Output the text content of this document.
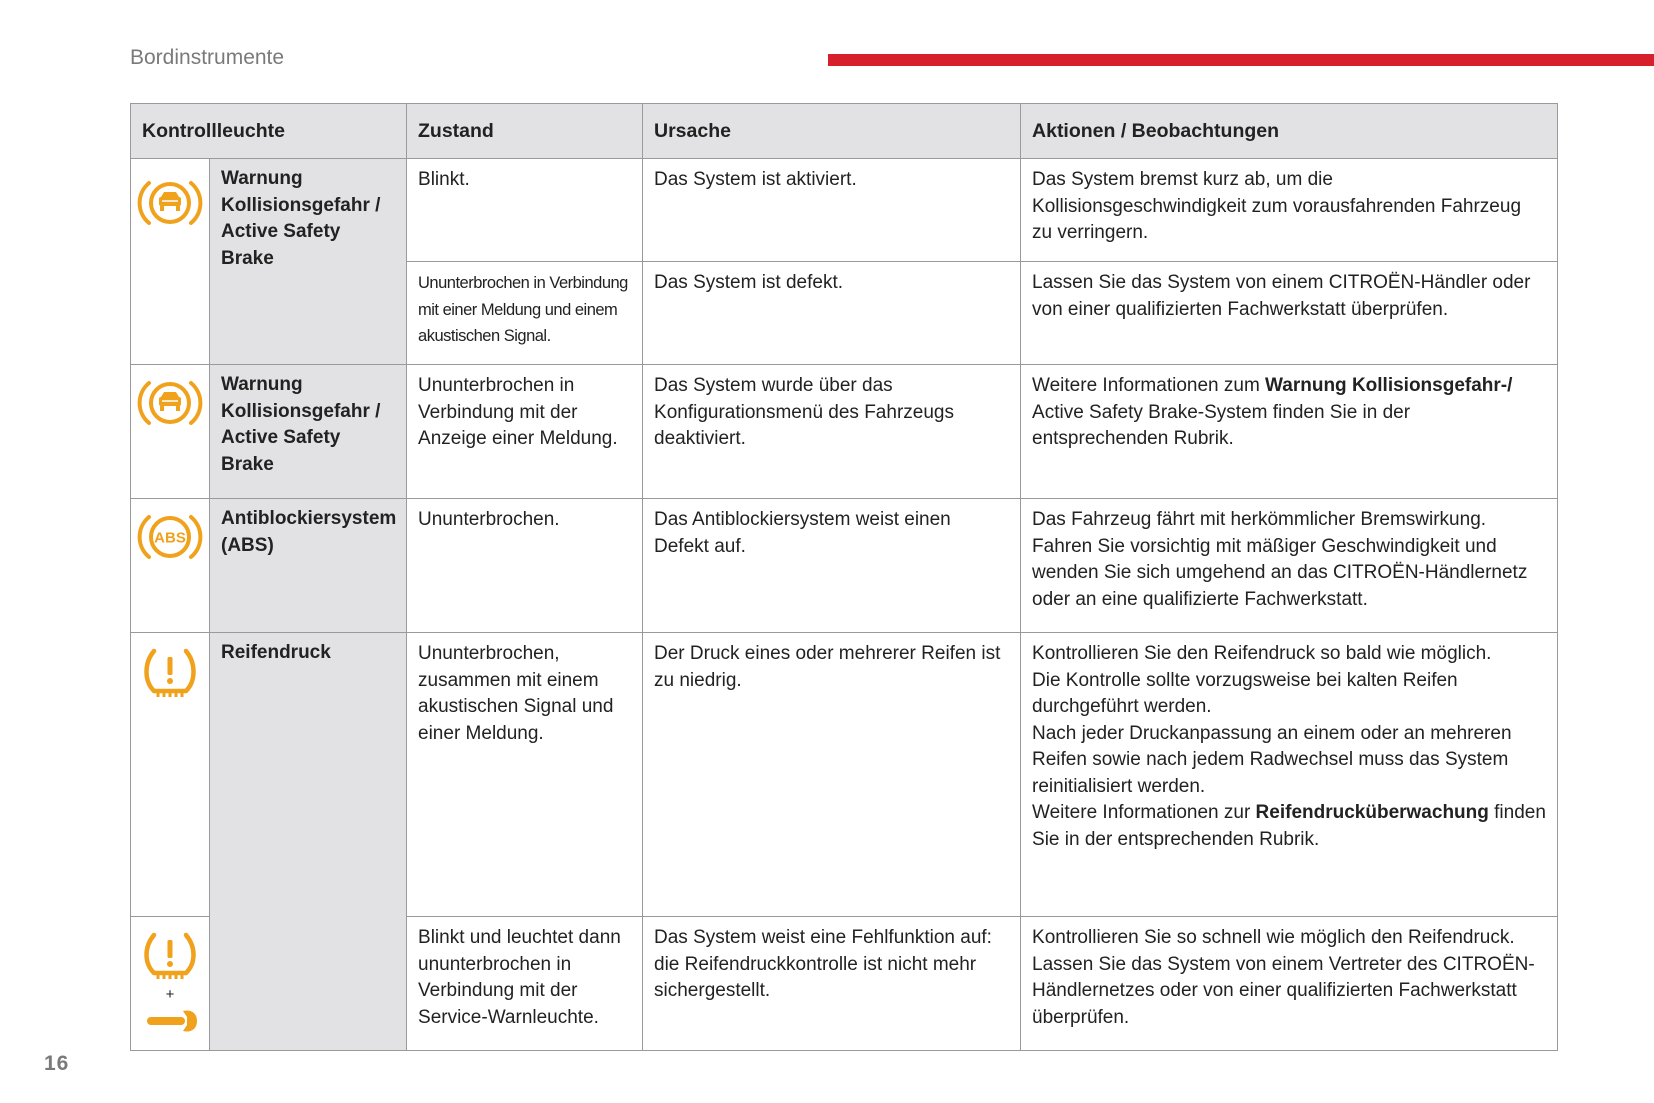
Bordinstrumente
Kontrollleuchte		Zustand	Ursache	Aktionen / Beobachtungen

	Warnung Kollisionsgefahr / Active Safety Brake	Blinkt.	Das System ist aktiviert.	Das System bremst kurz ab, um die Kollisionsgeschwindigkeit zum vorausfahrenden Fahrzeug zu verringern.
		Ununterbrochen in Verbindung mit einer Meldung und einem akustischen Signal.	Das System ist defekt.	Lassen Sie das System von einem CITROËN-Händler oder von einer qualifizierten Fachwerkstatt überprüfen.

	Warnung Kollisionsgefahr / Active Safety Brake	Ununterbrochen in Verbindung mit der Anzeige einer Meldung.	Das System wurde über das Konfigurationsmenü des Fahrzeugs deaktiviert.	Weitere Informationen zum Warnung Kollisionsgefahr-/ Active Safety Brake-System finden Sie in der entsprechenden Rubrik.

ABS	Antiblockiersystem (ABS)	Ununterbrochen.	Das Antiblockiersystem weist einen Defekt auf.	Das Fahrzeug fährt mit herkömmlicher Bremswirkung. Fahren Sie vorsichtig mit mäßiger Geschwindigkeit und wenden Sie sich umgehend an das CITROËN-Händlernetz oder an eine qualifizierte Fachwerkstatt.

	Reifendruck	Ununterbrochen, zusammen mit einem akustischen Signal und einer Meldung.	Der Druck eines oder mehrerer Reifen ist zu niedrig.	Kontrollieren Sie den Reifendruck so bald wie möglich.
Die Kontrolle sollte vorzugsweise bei kalten Reifen durchgeführt werden.
Nach jeder Druckanpassung an einem oder an mehreren Reifen sowie nach jedem Radwechsel muss das System reinitialisiert werden.
Weitere Informationen zur Reifendrucküberwachung finden Sie in der entsprechenden Rubrik.

+		Blinkt und leuchtet dann ununterbrochen in Verbindung mit der Service-Warnleuchte.	Das System weist eine Fehlfunktion auf: die Reifendruckkontrolle ist nicht mehr sichergestellt.	Kontrollieren Sie so schnell wie möglich den Reifendruck. Lassen Sie das System von einem Vertreter des CITROËN-Händlernetzes oder von einer qualifizierten Fachwerkstatt überprüfen.
16
